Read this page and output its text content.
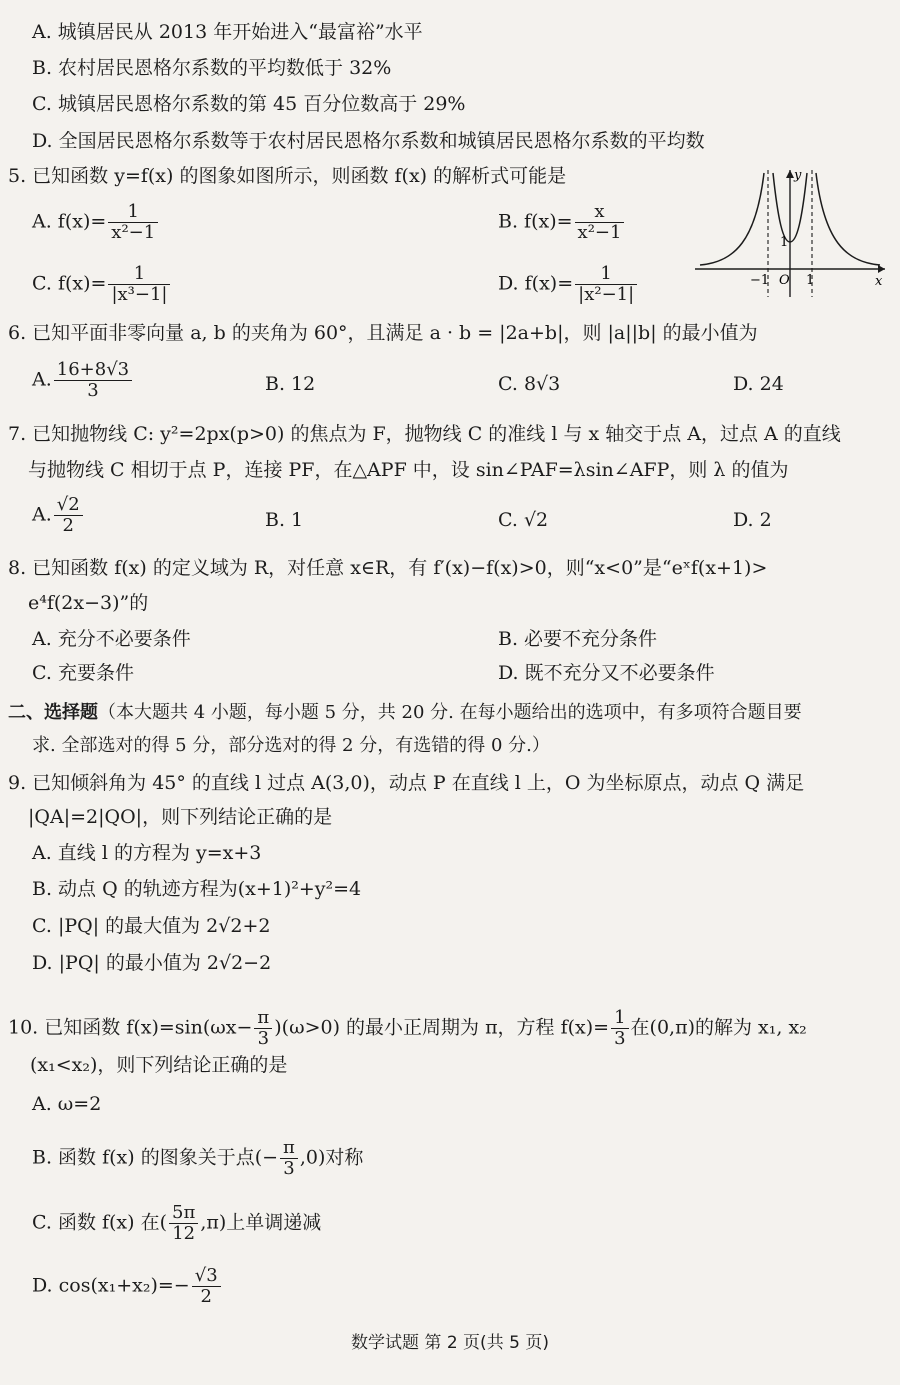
A. 城镇居民从 2013 年开始进入“最富裕”水平
B. 农村居民恩格尔系数的平均数低于 32%
C. 城镇居民恩格尔系数的第 45 百分位数高于 29%
D. 全国居民恩格尔系数等于农村居民恩格尔系数和城镇居民恩格尔系数的平均数
5. 已知函数 y=f(x) 的图象如图所示，则函数 f(x) 的解析式可能是
A. $f(x)= \frac{1}{\text{x²−1}}$	B. $f(x)= \frac{x}{\text{x²−1}}$
C. $f(x)= \frac{1}{\text{|x³−1|}}$	D. $f(x)= \frac{1}{\text{|x²−1|}}$
y
x
O
−1	1
1
6. 已知平面非零向量 a, b 的夹角为 60°，且满足 a · b = |2a+b|，则 |a||b| 的最小值为
A. $\frac{16+8√3}{3}$	B. 12	C. 8√3	D. 24
7. 已知抛物线 C: y²=2px(p>0) 的焦点为 F，抛物线 C 的准线 l 与 x 轴交于点 A，过点 A 的直线
与抛物线 C 相切于点 P，连接 PF，在△APF 中，设 sin∠PAF=λsin∠AFP，则 λ 的值为
A. $\frac{√2}{2}$	B. 1	C. √2	D. 2
8. 已知函数 f(x) 的定义域为 R，对任意 x∈R，有 f′(x)−f(x)>0，则“x<0”是“eˣf(x+1)>
e⁴f(2x−3)”的
A. 充分不必要条件	B. 必要不充分条件
C. 充要条件	D. 既不充分又不必要条件
二、选择题（本大题共 4 小题，每小题 5 分，共 20 分. 在每小题给出的选项中，有多项符合题目要
求. 全部选对的得 5 分，部分选对的得 2 分，有选错的得 0 分.）
9. 已知倾斜角为 45° 的直线 l 过点 A(3,0)，动点 P 在直线 l 上，O 为坐标原点，动点 Q 满足
|QA|=2|QO|，则下列结论正确的是
A. 直线 l 的方程为 y=x+3
B. 动点 Q 的轨迹方程为(x+1)²+y²=4
C. |PQ| 的最大值为 2√2+2
D. |PQ| 的最小值为 2√2−2
10. 已知函数 $f(x)=\sin(\omega x- \frac{\pi}{3} )(\omega>0)$ 的最小正周期为 π，方程 $f(x)= \frac{1}{3}$ 在(0,π)的解为 x₁, x₂
(x₁<x₂)，则下列结论正确的是
A. ω=2
B. 函数 f(x) 的图象关于点(− $\frac{\pi}{3} ,0$)对称
C. 函数 f(x) 在( $\frac{5\pi}{12} ,\pi$)上单调递减
D. $\cos(x_1+x_2)=- \frac{√3}{2}$
数学试题 第 2 页(共 5 页)
